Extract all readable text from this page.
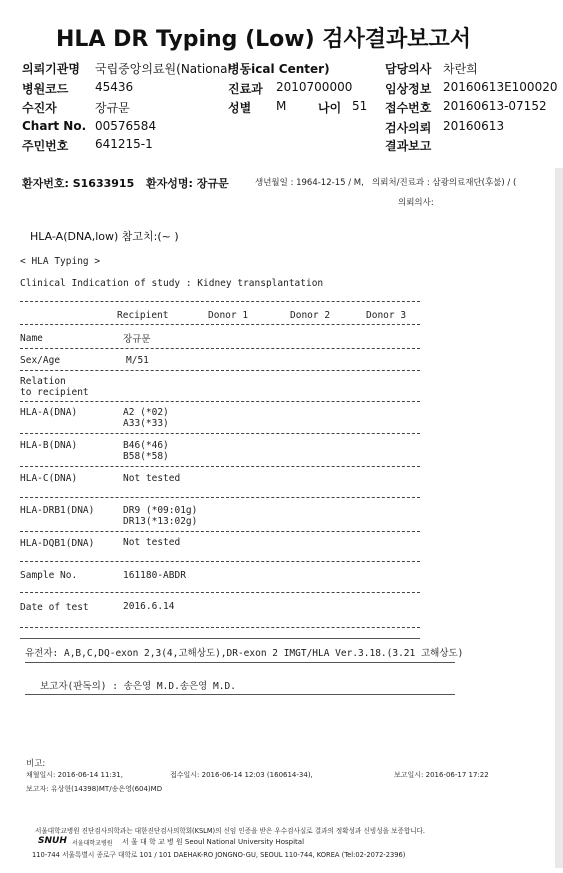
HLA DR Typing (Low) 검사결과보고서
의뢰기관명 국립중앙의료원(National
병동ical Center)	담당의사 차란희
병원코드 45436	진료과 2010700000	임상정보 20160613E100020
수진자	장규문	성별 M	나이 51 접수번호 20160613-07152
Chart No. 00576584	검사의뢰 20160613
주민번호 641215-1	결과보고
환자번호: S1633915 환자성명: 장규문	생년월일 : 1964-12-15 / M, 의뢰처/진료과 : 삼광의료재단(후불) / (
의뢰의사:
HLA-A(DNA,low) 참고치:(~ )
< HLA Typing >
Clinical Indication of study : Kidney transplantation
Recipient	Donor 1	Donor 2	Donor 3
Name	장규문
Sex/Age	M/51
Relation
to recipient
HLA-A(DNA)	A2 (*02)
A33(*33)
HLA-B(DNA)	B46(*46)
B58(*58)
HLA-C(DNA)	Not tested
HLA-DRB1(DNA)	DR9 (*09:01g)
DR13(*13:02g)
HLA-DQB1(DNA)	Not tested
Sample No.	161180-ABDR
Date of test	2016.6.14
유전자: A,B,C,DQ-exon 2,3(4,고해상도),DR-exon 2 IMGT/HLA Ver.3.18.(3.21 고해상도)
보고자(판독의) : 송은영 M.D.송은영 M.D.
비고:
채혈일시: 2016-06-14 11:31,	접수일시: 2016-06-14 12:03 (160614-34),	보고일시: 2016-06-17 17:22
보고자: 유상현(14398)MT/송은영(604)MD
서울대학교병원 진단검사의학과는 대한진단검사의학회(KSLM)의 신임 인증을 받은 우수검사실로 결과의 정확성과 신빙성을 보증합니다.
SNUH 서울대학교병원 서 울 대 학 교 병 원 Seoul National University Hospital
110-744 서울특별시 종로구 대학로 101 / 101 DAEHAK-RO JONGNO-GU, SEOUL 110-744, KOREA (Tel:02-2072-2396)
